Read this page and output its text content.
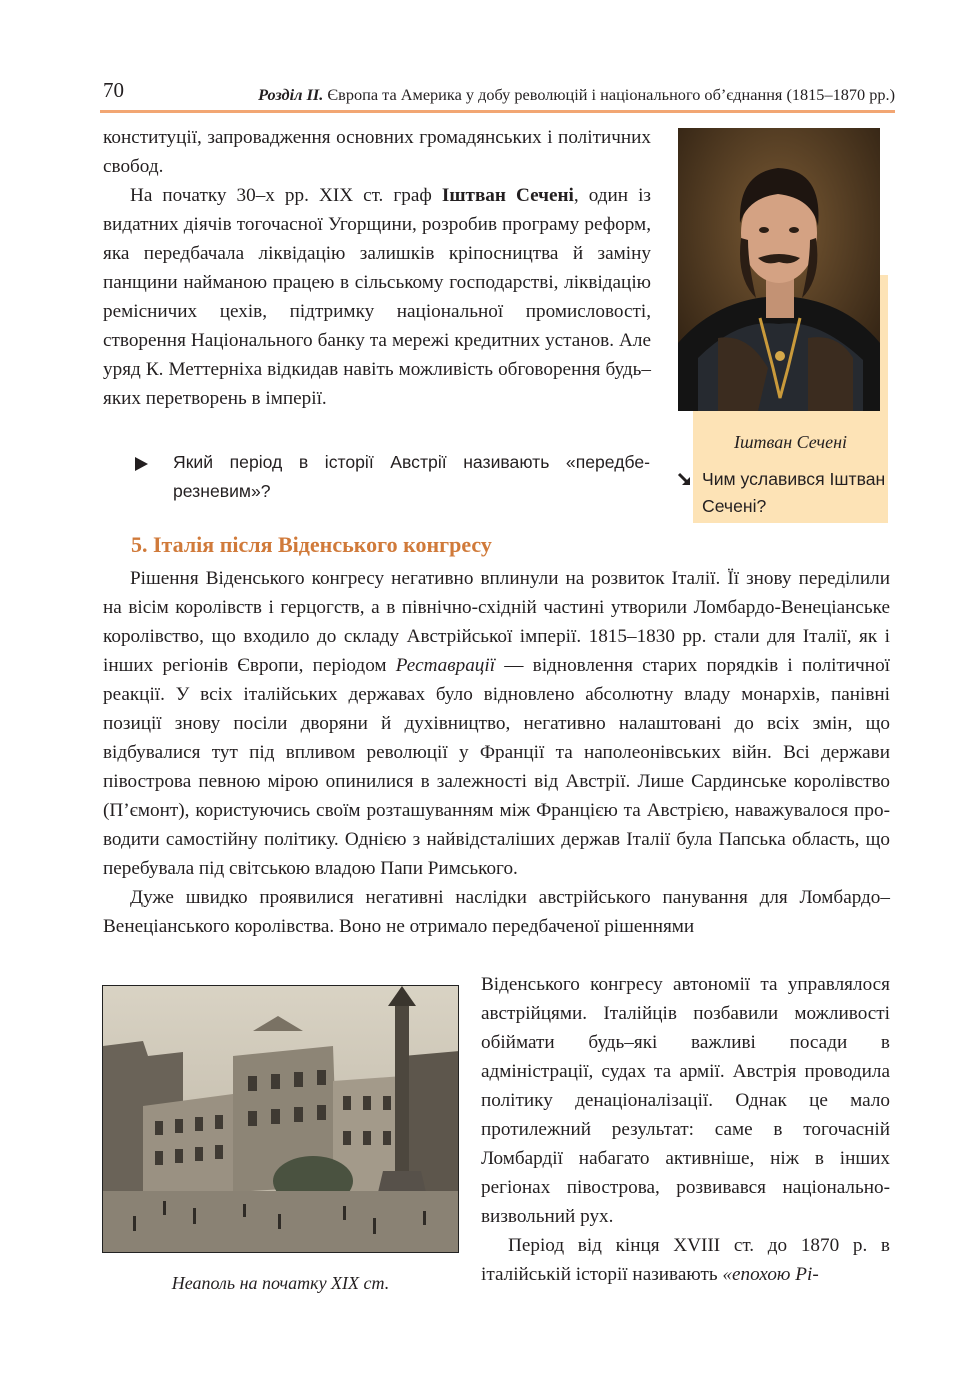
70	Розділ ІІ. Європа та Америка у добу революцій і національного об’єднання (1815–1870 рр.)

конституції, запровадження основних громадянських і політичних свобод.

На початку 30–х рр. XIX ст. граф Іштван Сечені, один із видатних діячів тогочасної Угорщини, розробив програму реформ, яка передбачала ліквідацію залишків кріпосництва й заміну панщини найманою працею в сільському господарстві, ліквідацію ремісничих цехів, підтримку національної промисловості, створення Національного банку та мережі кредитних установ. Але уряд К. Меттерніха відкидав навіть можливість обговорення будь–яких перетворень в імперії.

Який період в історії Австрії називають «передберезневим»?
Іштван Сечені
Чим уславився Іштван Сечені?
5. Італія після Віденського конгресу

Рішення Віденського конгресу негативно вплинули на розвиток Італії. Її знову переділили на вісім королівств і герцогств, а в північно-східній частині утворили Ломбардо-Венеціанське королівство, що входило до складу Австрійської імперії. 1815–1830 рр. стали для Італії, як і інших регіонів Європи, періодом Реставрації — відновлення старих порядків і політичної реакції. У всіх італійських державах було відновлено абсолютну владу монархів, панівні позиції знову посіли дворяни й духівництво, негативно налаштовані до всіх змін, що відбувалися тут під впливом революції у Франції та наполеонівських війн. Всі держави півострова певною мірою опинилися в залежності від Австрії. Лише Сардинське королівство (П’ємонт), користуючись своїм розташуванням між Францією та Австрією, наважувалося проводити самостійну політику. Однією з найвідсталіших держав Італії була Папська область, що перебувала під світською владою Папи Римського.

Дуже швидко проявилися негативні наслідки австрійського панування для Ломбардо–Венеціанського королівства. Воно не отримало передбаченої рішеннями

Віденського конгресу автономії та управлялося австрійцями. Італійців позбавили можливості обіймати будь–які важливі посади в адміністрації, судах та армії. Австрія проводила політику денаціоналізації. Однак це мало протилежний результат: саме в тогочасній Ломбардії набагато активніше, ніж в інших регіонах півострова, розвивався національно-визвольний рух.

Період від кінця XVIII ст. до 1870 р. в італійській історії називають «епохою Рі-

Неаполь на початку XIX ст.
